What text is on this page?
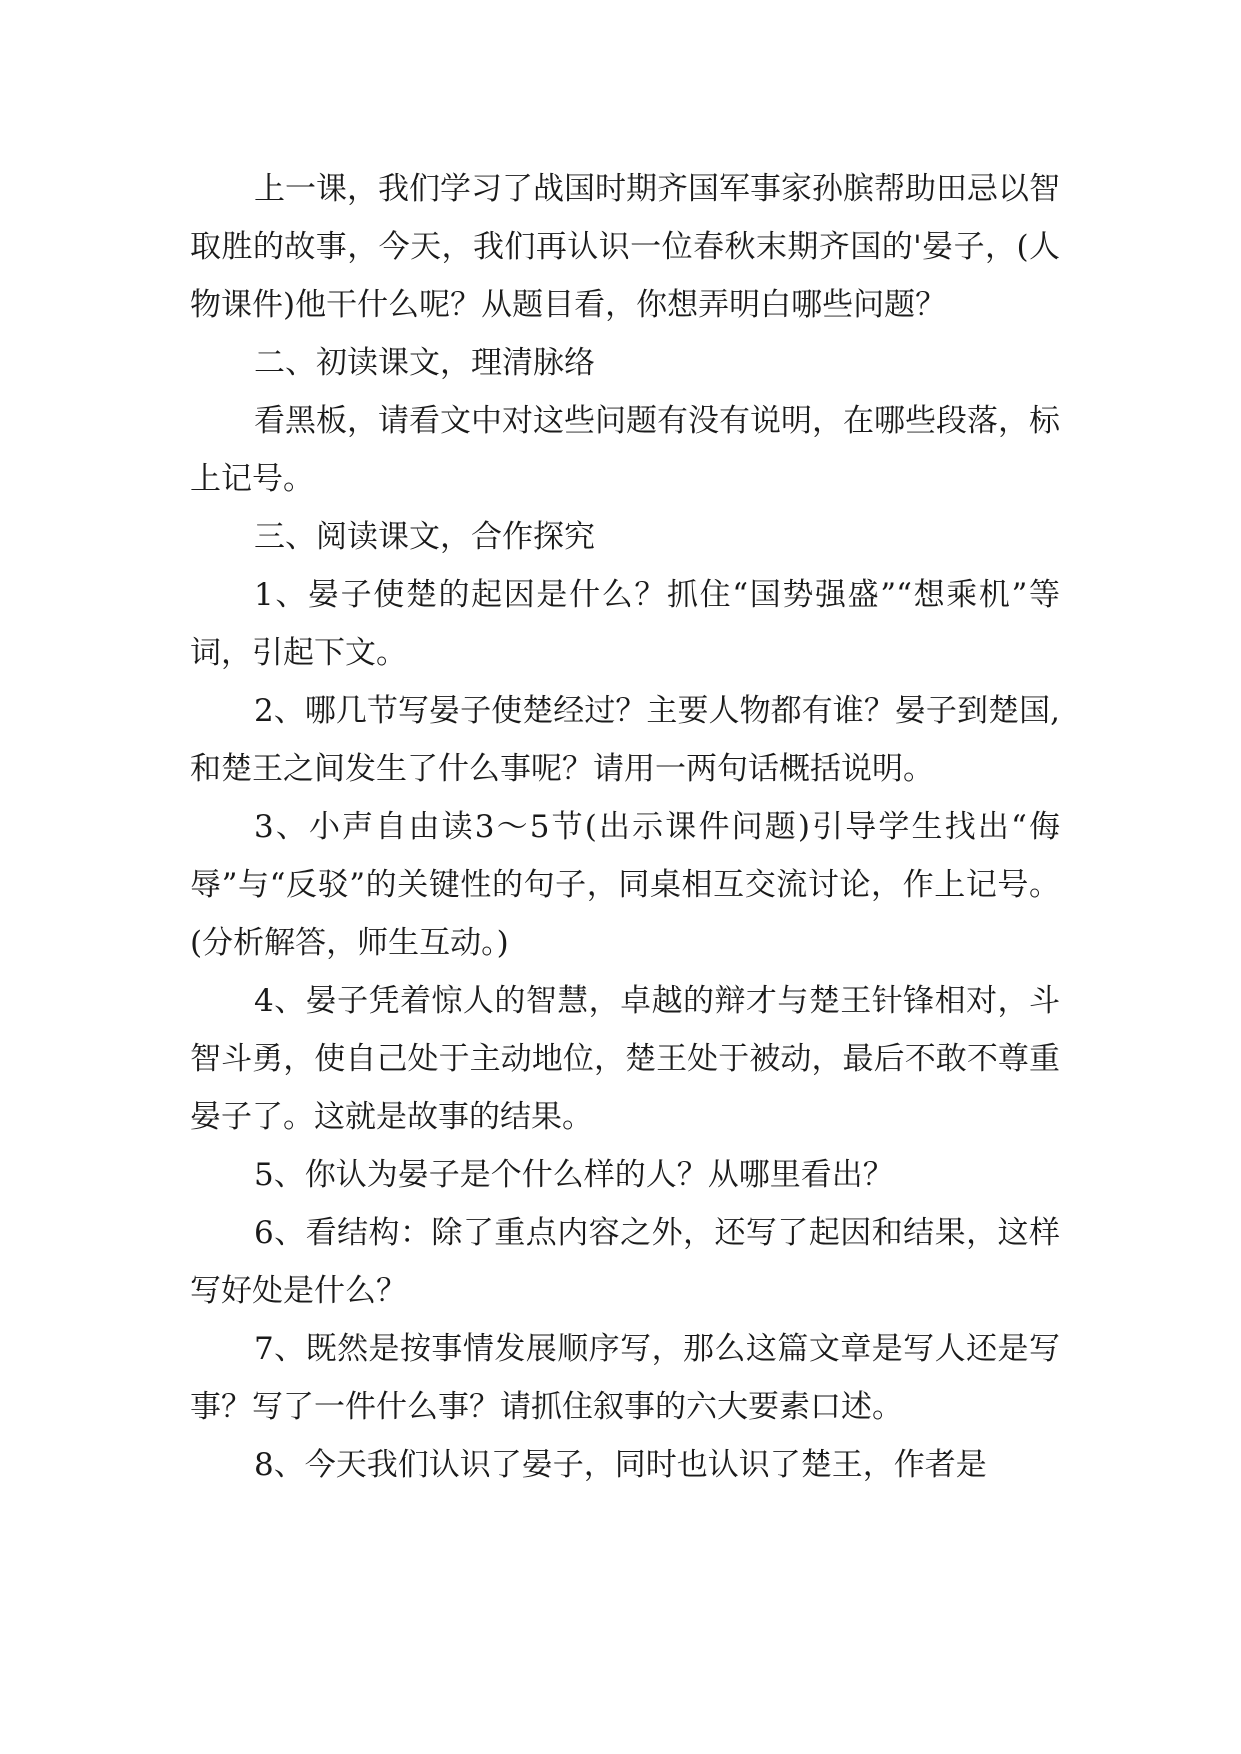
上一课，我们学习了战国时期齐国军事家孙膑帮助田忌以智取胜的故事，今天，我们再认识一位春秋末期齐国的'晏子，(人物课件)他干什么呢？从题目看，你想弄明白哪些问题？

二、初读课文，理清脉络

看黑板，请看文中对这些问题有没有说明，在哪些段落，标上记号。

三、阅读课文，合作探究

1、晏子使楚的起因是什么？抓住“国势强盛”“想乘机”等词，引起下文。

2、哪几节写晏子使楚经过？主要人物都有谁？晏子到楚国,和楚王之间发生了什么事呢？请用一两句话概括说明。

3、小声自由读3～5节(出示课件问题)引导学生找出“侮辱”与“反驳”的关键性的句子，同桌相互交流讨论，作上记号。(分析解答，师生互动。)

4、晏子凭着惊人的智慧，卓越的辩才与楚王针锋相对，斗智斗勇，使自己处于主动地位，楚王处于被动，最后不敢不尊重晏子了。这就是故事的结果。

5、你认为晏子是个什么样的人？从哪里看出？

6、看结构：除了重点内容之外，还写了起因和结果，这样写好处是什么？

7、既然是按事情发展顺序写，那么这篇文章是写人还是写事？写了一件什么事？请抓住叙事的六大要素口述。

8、今天我们认识了晏子，同时也认识了楚王，作者是
